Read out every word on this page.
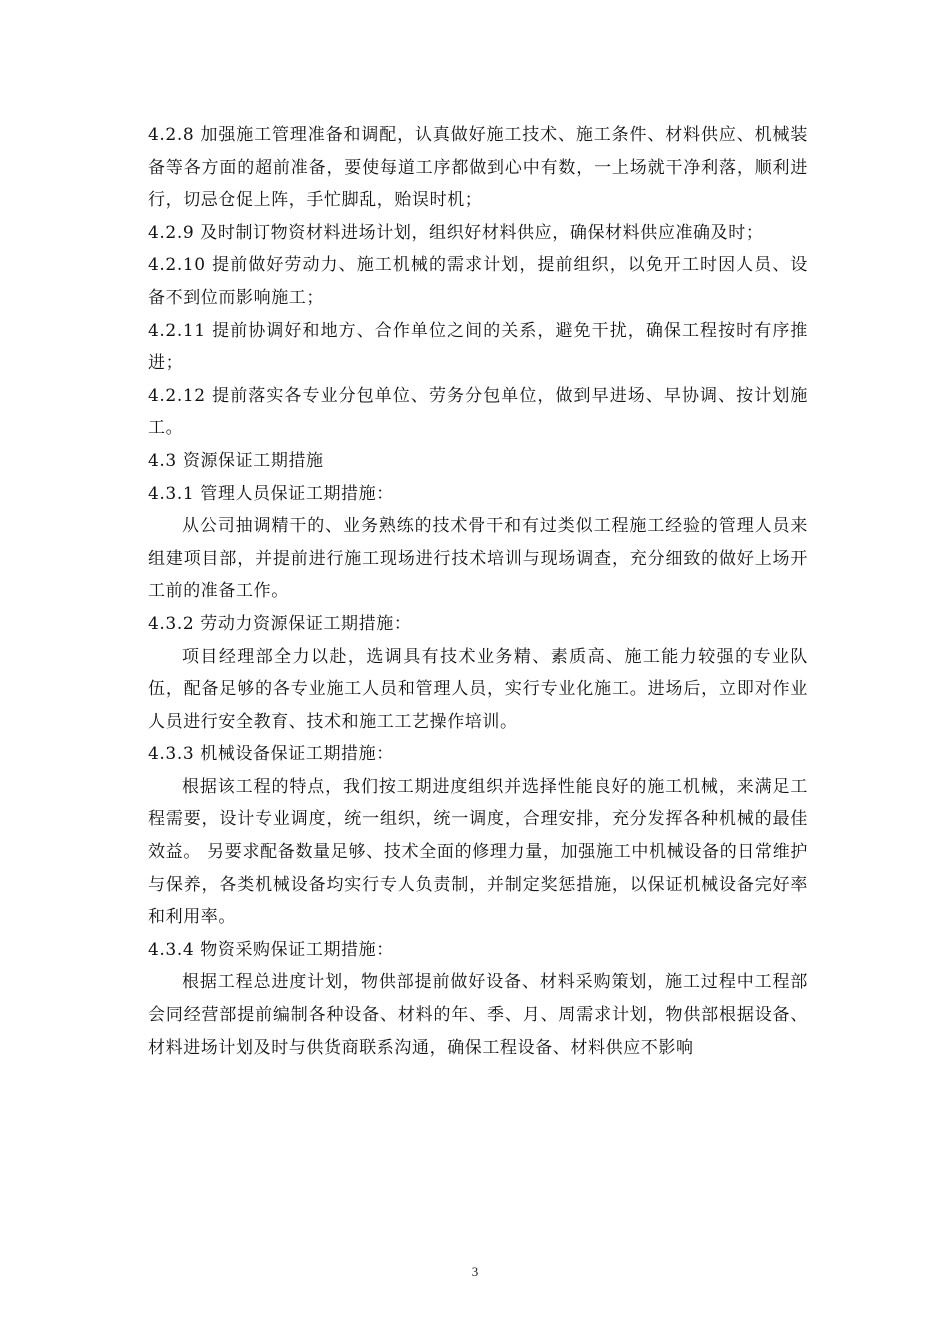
4.2.8 加强施工管理准备和调配，认真做好施工技术、施工条件、材料供应、机械装备等各方面的超前准备，要使每道工序都做到心中有数，一上场就干净利落，顺利进行，切忌仓促上阵，手忙脚乱，贻误时机；

4.2.9 及时制订物资材料进场计划，组织好材料供应，确保材料供应准确及时；

4.2.10 提前做好劳动力、施工机械的需求计划，提前组织，以免开工时因人员、设备不到位而影响施工；

4.2.11 提前协调好和地方、合作单位之间的关系，避免干扰，确保工程按时有序推进；

4.2.12 提前落实各专业分包单位、劳务分包单位，做到早进场、早协调、按计划施工。

4.3 资源保证工期措施

4.3.1 管理人员保证工期措施：

从公司抽调精干的、业务熟练的技术骨干和有过类似工程施工经验的管理人员来组建项目部，并提前进行施工现场进行技术培训与现场调查，充分细致的做好上场开工前的准备工作。

4.3.2 劳动力资源保证工期措施：

项目经理部全力以赴，选调具有技术业务精、素质高、施工能力较强的专业队伍，配备足够的各专业施工人员和管理人员，实行专业化施工。进场后，立即对作业人员进行安全教育、技术和施工工艺操作培训。

4.3.3 机械设备保证工期措施：

根据该工程的特点，我们按工期进度组织并选择性能良好的施工机械，来满足工程需要，设计专业调度，统一组织，统一调度，合理安排，充分发挥各种机械的最佳效益。 另要求配备数量足够、技术全面的修理力量，加强施工中机械设备的日常维护与保养，各类机械设备均实行专人负责制，并制定奖惩措施，以保证机械设备完好率和利用率。

4.3.4 物资采购保证工期措施：

根据工程总进度计划，物供部提前做好设备、材料采购策划，施工过程中工程部会同经营部提前编制各种设备、材料的年、季、月、周需求计划，物供部根据设备、材料进场计划及时与供货商联系沟通，确保工程设备、材料供应不影响

3
